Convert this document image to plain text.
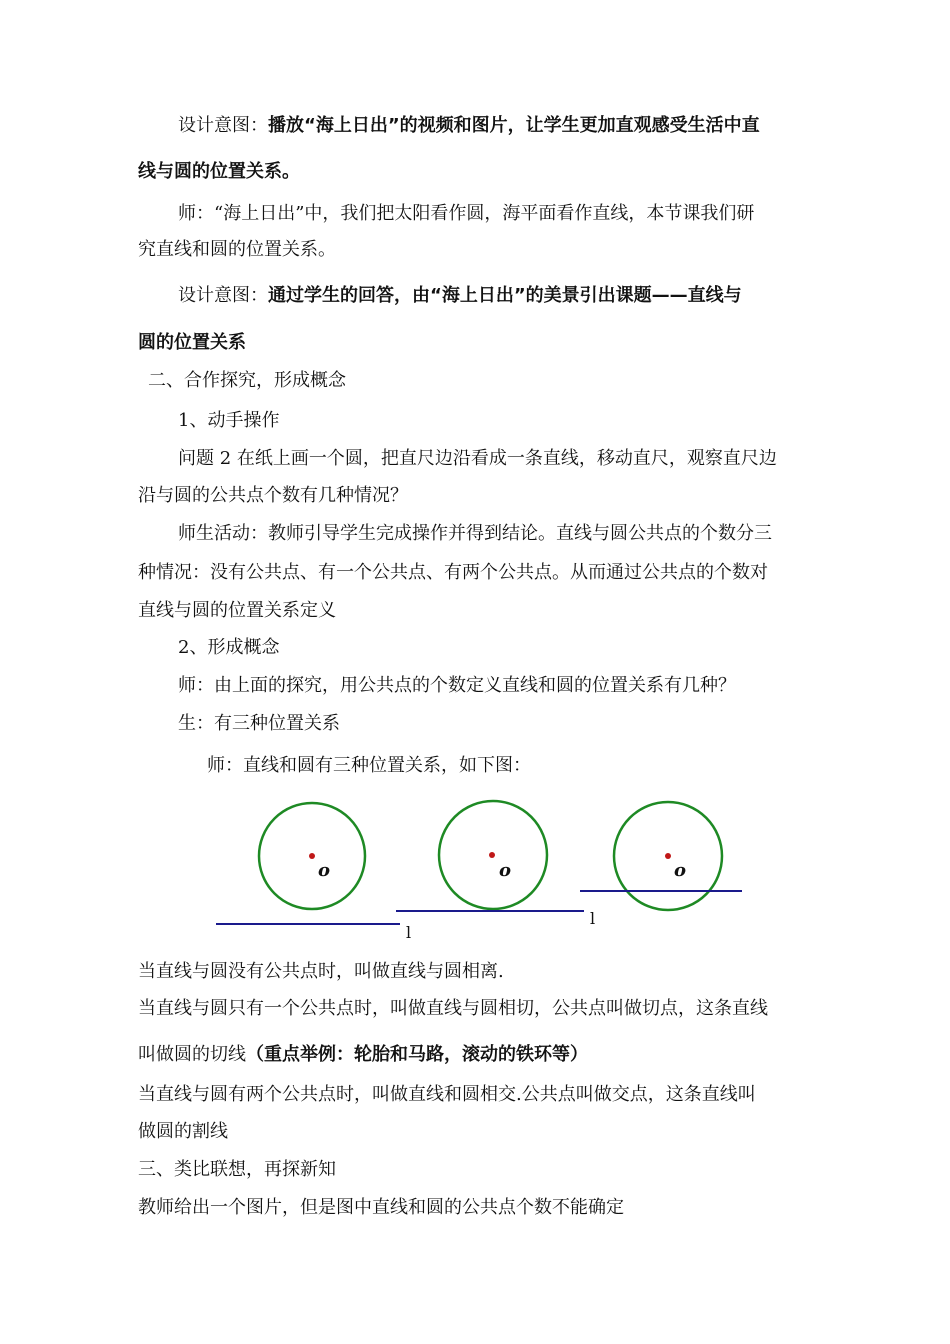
设计意图：播放“海上日出”的视频和图片，让学生更加直观感受生活中直
线与圆的位置关系。
师：“海上日出”中，我们把太阳看作圆，海平面看作直线，本节课我们研
究直线和圆的位置关系。
设计意图：通过学生的回答，由“海上日出”的美景引出课题——直线与
圆的位置关系
二、合作探究，形成概念
1、动手操作
问题 2 在纸上画一个圆，把直尺边沿看成一条直线，移动直尺，观察直尺边
沿与圆的公共点个数有几种情况？
师生活动：教师引导学生完成操作并得到结论。直线与圆公共点的个数分三
种情况：没有公共点、有一个公共点、有两个公共点。从而通过公共点的个数对
直线与圆的位置关系定义
2、形成概念
师：由上面的探究，用公共点的个数定义直线和圆的位置关系有几种？
生：有三种位置关系
师：直线和圆有三种位置关系，如下图：
o
l
o
l
o
当直线与圆没有公共点时，叫做直线与圆相离.
当直线与圆只有一个公共点时，叫做直线与圆相切，公共点叫做切点，这条直线
叫做圆的切线（重点举例：轮胎和马路，滚动的铁环等）
当直线与圆有两个公共点时，叫做直线和圆相交.公共点叫做交点，这条直线叫
做圆的割线
三、类比联想，再探新知
教师给出一个图片，但是图中直线和圆的公共点个数不能确定
